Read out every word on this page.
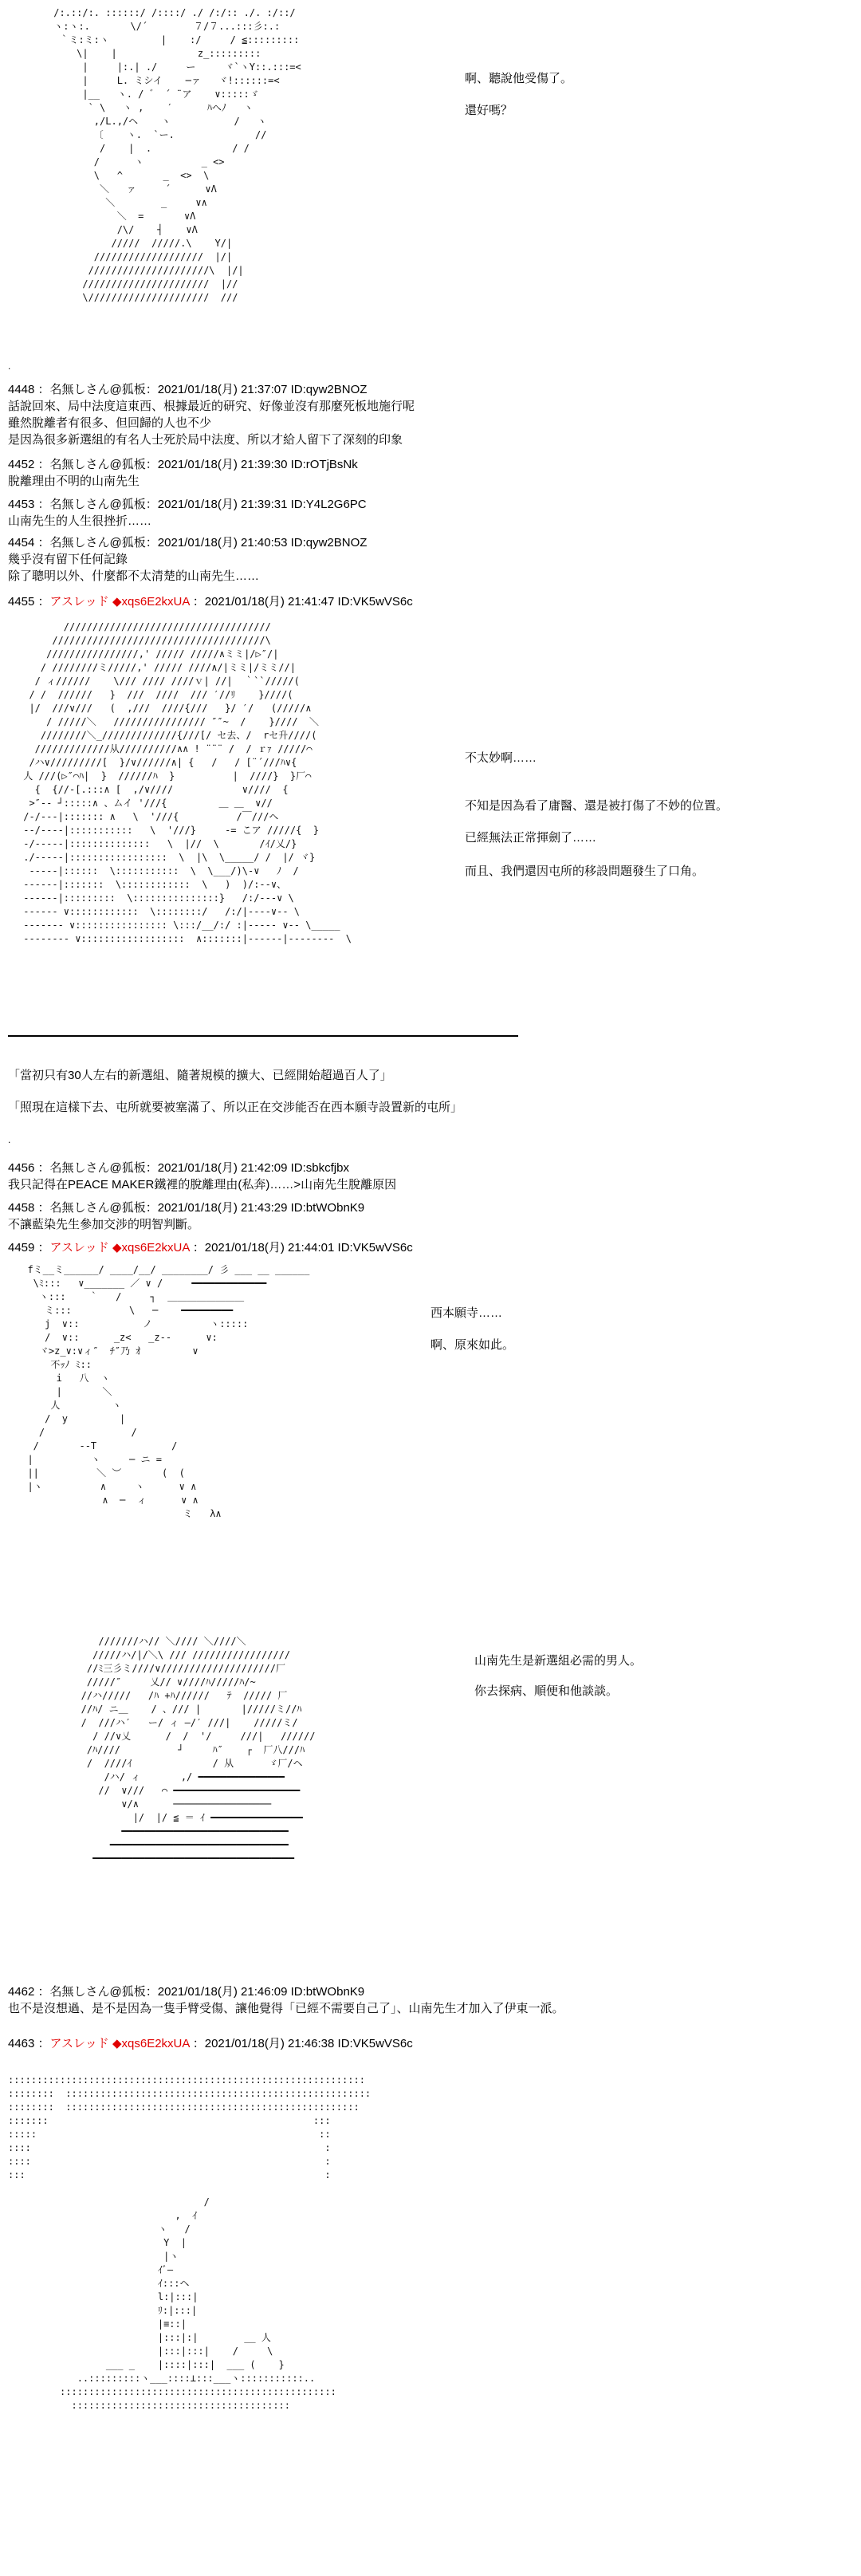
/:.::/:. ::::::/ /::::/ ./ /:/:: ./. :/::/
ヽ:ヽ:.       \/´        ７/７...:::彡:.:
｀ミ:ミ:ヽ         |    :/     / ≦:::::::::
\|    |              z_:::::::::
|     |:.| ./     ー     ヾ`ヽY::.:::=<
|     L. ミシイ    ─ァ   ヾ!::::::=<
|__   ヽ. / ゛ ´ ¨ア    ∨:::::ゞ
` \   ヽ ,    ′      ﾊヘﾉ   ヽ
,/L.,/ヘ    ヽ           /   ヽ
〔    ヽ.  `ー.              //
/    |  .              / /
/      ヽ          _ <>
\   ^       _  <>  \
＼   ァ     ´      ∨Λ
＼        _     ∨∧
＼  =       ∨Λ
/\/    ┤    ∨Λ
/////  /////.\    Y/|
///////////////////  |/|
/////////////////////\  |/|
//////////////////////  |//
\/////////////////////  ///
啊、聽說他受傷了。
還好嗎？
.
4448 ：名無しさん@狐板：2021/01/18(月) 21:37:07 ID:qyw2BNOZ
話說回來、局中法度這東西、根據最近的研究、好像並沒有那麼死板地施行呢
雖然脫離者有很多、但回歸的人也不少
是因為很多新選組的有名人士死於局中法度、所以才給人留下了深刻的印象
4452 ：名無しさん@狐板：2021/01/18(月) 21:39:30 ID:rOTjBsNk
脫離理由不明的山南先生
4453 ：名無しさん@狐板：2021/01/18(月) 21:39:31 ID:Y4L2G6PC
山南先生的人生很挫折……
4454 ：名無しさん@狐板：2021/01/18(月) 21:40:53 ID:qyw2BNOZ
幾乎沒有留下任何記錄
除了聰明以外、什麼都不太清楚的山南先生……
4455 ：アスレッド ◆xqs6E2kxUA ：2021/01/18(月) 21:41:47 ID:VK5wVS6c
////////////////////////////////////
/////////////////////////////////////\
////////////////,' ///// /////∧ミミ|/▷″/|
/ ////////ミ/////,' ///// ////∧/|ミミ|/ミミ//|
/ ィ//////    \/// //// ////ｖ| //|  ｀``/////(
/ /  //////   }  ///  ////  /// ′//ﾘ    }////(
|/  ///∨///   (  ,///  ////{///   }/ ′/   (/////∧
/ /////＼   //////////////// ″″~  /    }////  ＼
////////＼_/////////////{///[/ セ去、/  rセ升////(
/////////////从//////////∧∧ ! ¨¨¨ /  / ｒｧ /////⌒
/ハ∨/////////[  }/∨//////∧| {   /   / [¨´///ﾊ∨{
人 ///(▷″⌒ﾊ|  }  //////ﾊ  }          |  ////}  }厂⌒
{  {//-[.:::∧ [  ,/∨////            ∨////  {
>″-- ┘:::::∧ 、ムイ '///{         ＿ ＿  ∨//
/-/---|::::::: ∧   \  '///{          /￣///ヘ
--/----|:::::::::::   \  '///}     -= こア /////{  }
-/-----|::::::::::::::   \  |//  \       /ｲ/乂/}
./-----|:::::::::::::::::  \  |\  \_____/ /  |/ ヾ}
-----|::::::  \:::::::::::  \  \___/)\-∨   ﾉ  /
------|:::::::  \::::::::::::  \   )  )/:--∨、
------|:::::::::  \:::::::::::::::}   /:/---∨ \
------ ∨::::::::::::  \::::::::/   /:/|----∨-- \
------- ∨:::::::::::::::: \:::/__/:/ :|----- ∨-- \_____
-------- ∨::::::::::::::::::  ∧:::::::|------|--------  \
不太妙啊……
不知是因為看了庸醫、還是被打傷了不妙的位置。
已經無法正常揮劍了……
而且、我們還因屯所的移設問題發生了口角。
「當初只有30人左右的新選組、隨著規模的擴大、已經開始超過百人了」
「照現在這樣下去、屯所就要被塞滿了、所以正在交涉能否在西本願寺設置新的屯所」
.
4456 ：名無しさん@狐板：2021/01/18(月) 21:42:09 ID:sbkcfjbx
我只記得在PEACE MAKER鐵裡的脫離理由(私奔)……>山南先生脫離原因
4458 ：名無しさん@狐板：2021/01/18(月) 21:43:29 ID:btWObnK9
不讓藍染先生參加交涉的明智判斷。
4459 ：アスレッド ◆xqs6E2kxUA ：2021/01/18(月) 21:44:01 ID:VK5wVS6c
fミ__ミ______/ ____/__/ ________/ 彡 ___ __ ______
\ﾐ:::   ∨_______ ／ ∨ /     ━━━━━━━━━━━━━
ヽ:::    ｀   /     ┐  ＿＿＿＿＿＿＿＿
ミ:::          \   ─    ━━━━━━━━━
j  ∨::           ノ          ヽ:::::
/  ∨::      _z<   _z--      ∨:
ヾ>z_∨:∨ィ″  ﾁ″乃 ｵ         ∨
不ｯﾉ ﾐ::
i   八  ヽ
|       ＼
人         ヽ
/  y         |
/               /
/       --T             /
|          ヽ     ─ ニ =
||          ＼ ︶       (  (
|ヽ          ∧     ヽ      ∨ ∧
∧  ─  ィ      ∨ ∧
ミ   λ∧
西本願寺……
啊、原來如此。
///////ハ// ＼//// ＼////＼
/////ハ/|/＼\ /// /////////////////
//ﾐ三彡ミ////∨////////////////////厂
/////″     乂// ∨////ﾊ/////ﾊ/~
//ハ/////   /ﾊ +ﾊ//////   ﾃ  ///// 厂
//ﾊ/ ニ＿    / 、/// |       |/////ミ//ﾊ
/  ///ハ′   ー/ ィ ―/′ ///|    /////ミ/
/ //∨乂      /  /  '/     ///|   //////
/ﾊ////          ┘     ﾊ″    ┌  厂八///ﾊ
/  ////ｲ              / 从      ゞ厂/ヘ
/ハ/ ィ       ,/ ━━━━━━━━━━━━━━━
//  ∨///   ⌒ ━━━━━━━━━━━━━━━━━━━━━━
∨/∧      ─────────────────
|/  |/ ≦ ＝ ｲ ━━━━━━━━━━━━━━━━
━━━━━━━━━━━━━━━━━━━━━━━━━━━━━
━━━━━━━━━━━━━━━━━━━━━━━━━━━━━━━
━━━━━━━━━━━━━━━━━━━━━━━━━━━━━━━━━━━
山南先生是新選組必需的男人。
你去探病、順便和他談談。
4462 ：名無しさん@狐板：2021/01/18(月) 21:46:09 ID:btWObnK9
也不是沒想過、是不是因為一隻手臂受傷、讓他覺得「已經不需要自己了」、山南先生才加入了伊東一派。
4463 ：アスレッド ◆xqs6E2kxUA ：2021/01/18(月) 21:46:38 ID:VK5wVS6c
::::::::::::::::::::::::::::::::::::::::::::::::::::::::::::::
::::::::  :::::::::::::::::::::::::::::::::::::::::::::::::::::
::::::::  :::::::::::::::::::::::::::::::::::::::::::::::::::
:::::::                                              :::
:::::                                                 ::
::::                                                   :
::::                                                   :
:::                                                    :

/
,  ｲ
ヽ   /
Y  |
|ヽ
ｲﾞ―
ｲ:::ヘ
l:|:::|
ﾘ:|:::|
|≡::|
|:::|:|        __ 人
|:::|:::|    /     \
___ _    |::::|:::|  ___ (    }
..:::::::::ヽ___::::⊥:::___ヽ:::::::::::..
::::::::::::::::::::::::::::::::::::::::::::::::
::::::::::::::::::::::::::::::::::::::
